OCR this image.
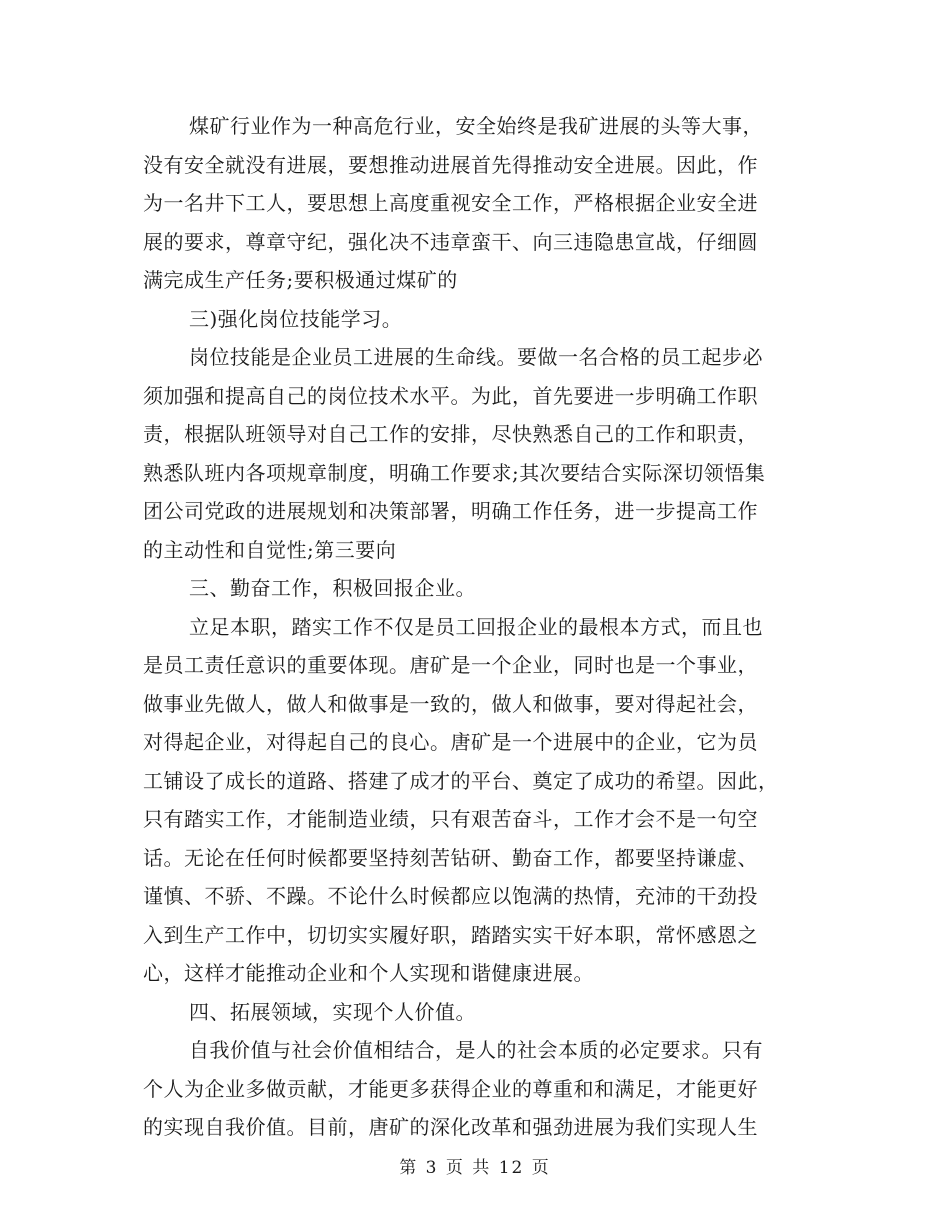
煤矿行业作为一种高危行业，安全始终是我矿进展的头等大事，
没有安全就没有进展，要想推动进展首先得推动安全进展。因此，作
为一名井下工人，要思想上高度重视安全工作，严格根据企业安全进
展的要求，尊章守纪，强化决不违章蛮干、向三违隐患宣战，仔细圆
满完成生产任务;要积极通过煤矿的
三)强化岗位技能学习。
岗位技能是企业员工进展的生命线。要做一名合格的员工起步必
须加强和提高自己的岗位技术水平。为此，首先要进一步明确工作职
责，根据队班领导对自己工作的安排，尽快熟悉自己的工作和职责，
熟悉队班内各项规章制度，明确工作要求;其次要结合实际深切领悟集
团公司党政的进展规划和决策部署，明确工作任务，进一步提高工作
的主动性和自觉性;第三要向
三、勤奋工作，积极回报企业。
立足本职，踏实工作不仅是员工回报企业的最根本方式，而且也
是员工责任意识的重要体现。唐矿是一个企业，同时也是一个事业，
做事业先做人，做人和做事是一致的，做人和做事，要对得起社会，
对得起企业，对得起自己的良心。唐矿是一个进展中的企业，它为员
工铺设了成长的道路、搭建了成才的平台、奠定了成功的希望。因此，
只有踏实工作，才能制造业绩，只有艰苦奋斗，工作才会不是一句空
话。无论在任何时候都要坚持刻苦钻研、勤奋工作，都要坚持谦虚、
谨慎、不骄、不躁。不论什么时候都应以饱满的热情，充沛的干劲投
入到生产工作中，切切实实履好职，踏踏实实干好本职，常怀感恩之
心，这样才能推动企业和个人实现和谐健康进展。
四、拓展领域，实现个人价值。
自我价值与社会价值相结合，是人的社会本质的必定要求。只有
个人为企业多做贡献，才能更多获得企业的尊重和和满足，才能更好
的实现自我价值。目前，唐矿的深化改革和强劲进展为我们实现人生
第 3 页 共 12 页
